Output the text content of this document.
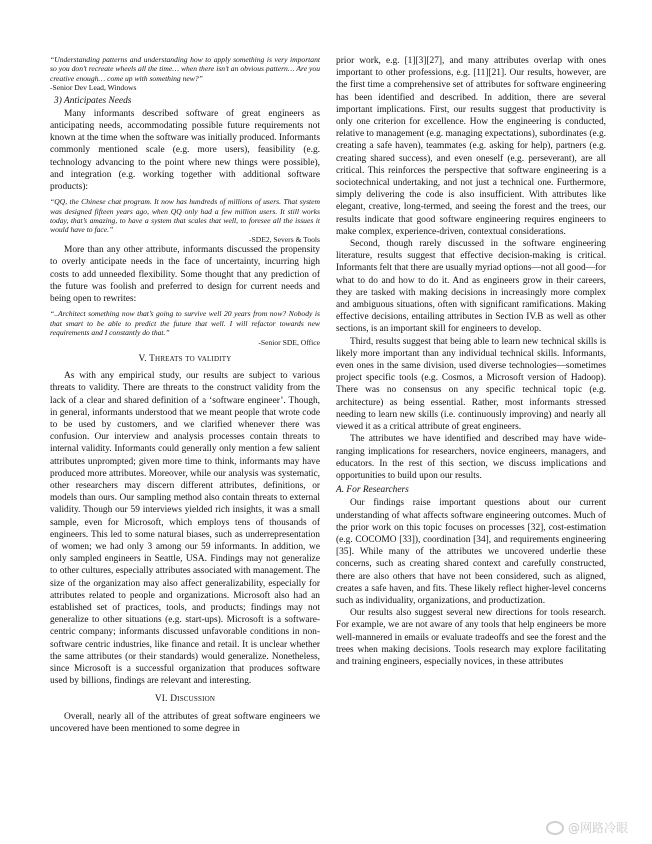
“Understanding patterns and understanding how to apply something is very important so you don’t recreate wheels all the time… when there isn’t an obvious pattern… Are you creative enough… come up with something new?”

-Senior Dev Lead, Windows

3) Anticipates Needs

Many informants described software of great engineers as anticipating needs, accommodating possible future requirements not known at the time when the software was initially produced. Informants commonly mentioned scale (e.g. more users), feasibility (e.g. technology advancing to the point where new things were possible), and integration (e.g. working together with additional software products):

“QQ, the Chinese chat program. It now has hundreds of millions of users. That system was designed fifteen years ago, when QQ only had a few million users. It still works today, that’s amazing, to have a system that scales that well, to foresee all the issues it would have to face.”

-SDE2, Severs & Tools

More than any other attribute, informants discussed the propensity to overly anticipate needs in the face of uncertainty, incurring high costs to add unneeded flexibility. Some thought that any prediction of the future was foolish and preferred to design for current needs and being open to rewrites:

“..Architect something now that’s going to survive well 20 years from now? Nobody is that smart to be able to predict the future that well. I will refactor towards new requirements and I constantly do that.”

-Senior SDE, Office

V. Threats to validity

As with any empirical study, our results are subject to various threats to validity. There are threats to the construct validity from the lack of a clear and shared definition of a ‘software engineer’. Though, in general, informants understood that we meant people that wrote code to be used by customers, and we clarified whenever there was confusion. Our interview and analysis processes contain threats to internal validity. Informants could generally only mention a few salient attributes unprompted; given more time to think, informants may have produced more attributes. Moreover, while our analysis was systematic, other researchers may discern different attributes, definitions, or models than ours. Our sampling method also contain threats to external validity. Though our 59 interviews yielded rich insights, it was a small sample, even for Microsoft, which employs tens of thousands of engineers. This led to some natural biases, such as underrepresentation of women; we had only 3 among our 59 informants. In addition, we only sampled engineers in Seattle, USA. Findings may not generalize to other cultures, especially attributes associated with management. The size of the organization may also affect generalizability, especially for attributes related to people and organizations. Microsoft also had an established set of practices, tools, and products; findings may not generalize to other situations (e.g. start-ups). Microsoft is a software-centric company; informants discussed unfavorable conditions in non-software centric industries, like finance and retail. It is unclear whether the same attributes (or their standards) would generalize. Nonetheless, since Microsoft is a successful organization that produces software used by billions, findings are relevant and interesting.

VI. Discussion

Overall, nearly all of the attributes of great software engineers we uncovered have been mentioned to some degree in

prior work, e.g. [1][3][27], and many attributes overlap with ones important to other professions, e.g. [11][21]. Our results, however, are the first time a comprehensive set of attributes for software engineering has been identified and described. In addition, there are several important implications. First, our results suggest that productivity is only one criterion for excellence. How the engineering is conducted, relative to management (e.g. managing expectations), subordinates (e.g. creating a safe haven), teammates (e.g. asking for help), partners (e.g. creating shared success), and even oneself (e.g. perseverant), are all critical. This reinforces the perspective that software engineering is a sociotechnical undertaking, and not just a technical one. Furthermore, simply delivering the code is also insufficient. With attributes like elegant, creative, long-termed, and seeing the forest and the trees, our results indicate that good software engineering requires engineers to make complex, experience-driven, contextual considerations.

Second, though rarely discussed in the software engineering literature, results suggest that effective decision-making is critical. Informants felt that there are usually myriad options—not all good—for what to do and how to do it. And as engineers grow in their careers, they are tasked with making decisions in increasingly more complex and ambiguous situations, often with significant ramifications. Making effective decisions, entailing attributes in Section IV.B as well as other sections, is an important skill for engineers to develop.

Third, results suggest that being able to learn new technical skills is likely more important than any individual technical skills. Informants, even ones in the same division, used diverse technologies—sometimes project specific tools (e.g. Cosmos, a Microsoft version of Hadoop). There was no consensus on any specific technical topic (e.g. architecture) as being essential. Rather, most informants stressed needing to learn new skills (i.e. continuously improving) and nearly all viewed it as a critical attribute of great engineers.

The attributes we have identified and described may have wide-ranging implications for researchers, novice engineers, managers, and educators. In the rest of this section, we discuss implications and opportunities to build upon our results.

A. For Researchers

Our findings raise important questions about our current understanding of what affects software engineering outcomes. Much of the prior work on this topic focuses on processes [32], cost-estimation (e.g. COCOMO [33]), coordination [34], and requirements engineering [35]. While many of the attributes we uncovered underlie these concerns, such as creating shared context and carefully constructed, there are also others that have not been considered, such as aligned, creates a safe haven, and fits. These likely reflect higher-level concerns such as individuality, organizations, and productization.

Our results also suggest several new directions for tools research. For example, we are not aware of any tools that help engineers be more well-mannered in emails or evaluate tradeoffs and see the forest and the trees when making decisions. Tools research may explore facilitating and training engineers, especially novices, in these attributes

@网路冷眼
